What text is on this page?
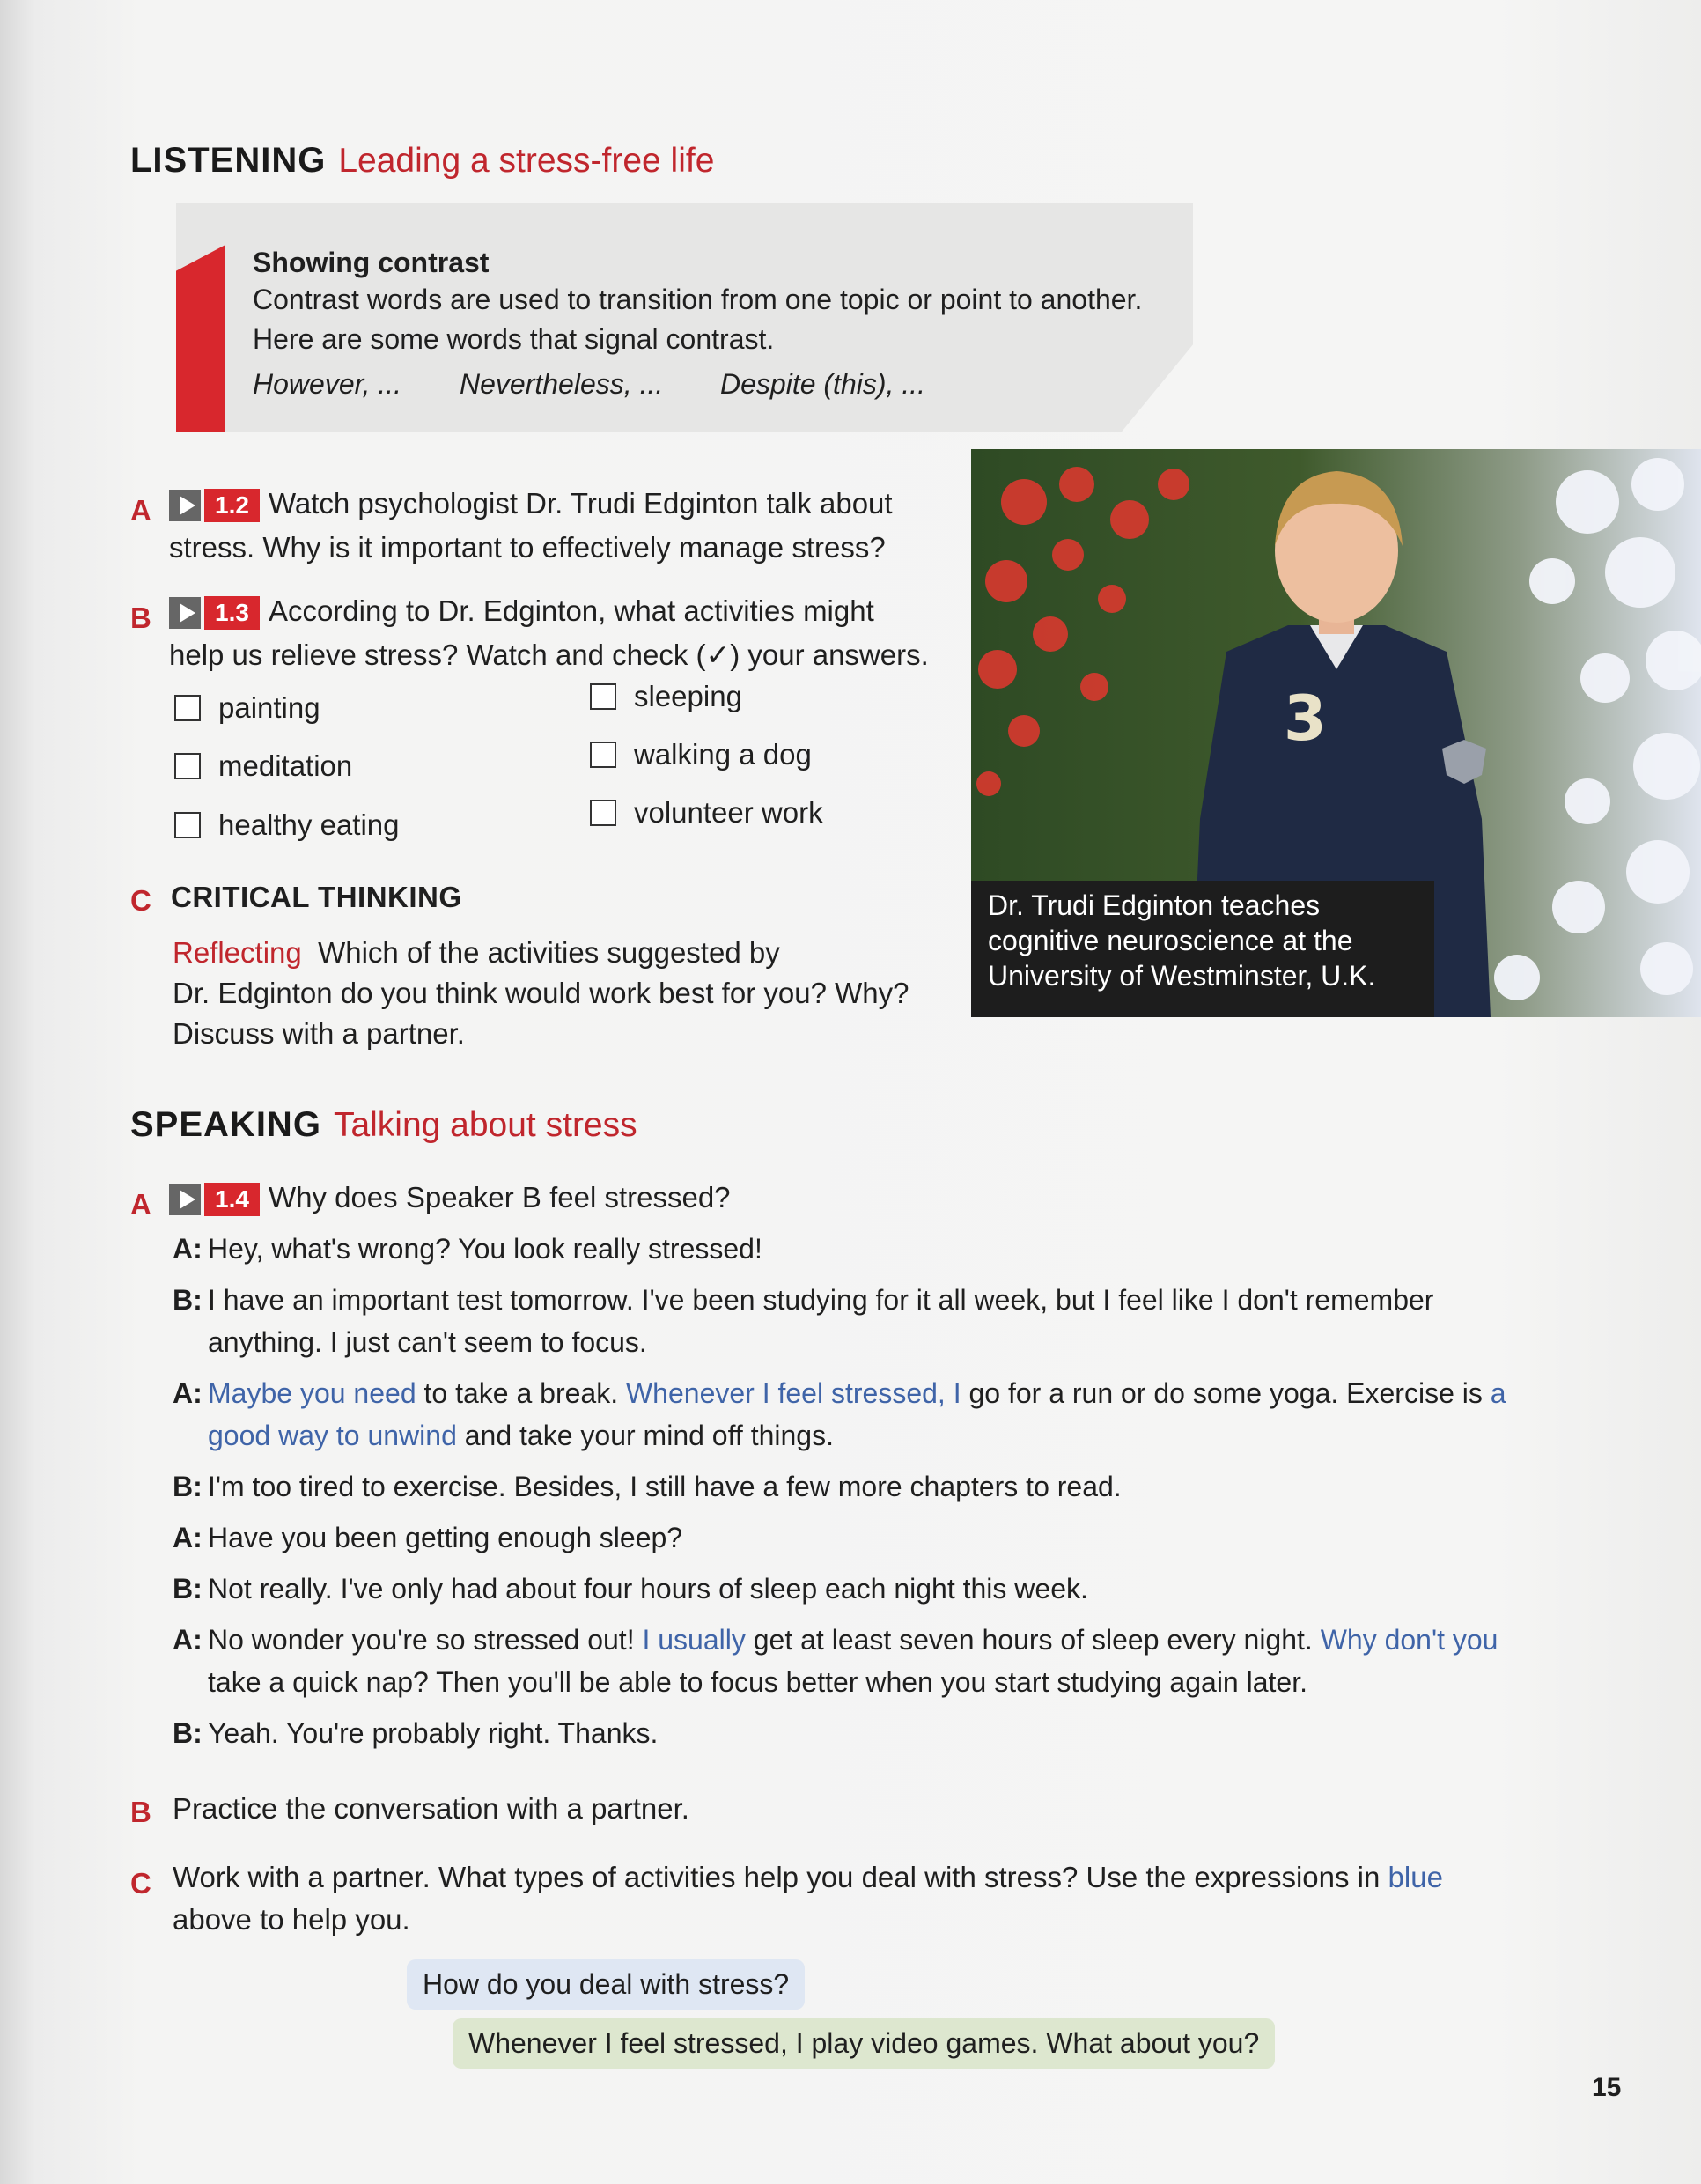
LISTENING Leading a stress-free life
Showing contrast
Contrast words are used to transition from one topic or point to another.
Here are some words that signal contrast.
However, ... Nevertheless, ... Despite (this), ...
A	1.2 Watch psychologist Dr. Trudi Edginton talk about
stress. Why is it important to effectively manage stress?
B	1.3 According to Dr. Edginton, what activities might
help us relieve stress? Watch and check (✓) your answers.
painting
meditation
healthy eating
sleeping
walking a dog
volunteer work
C CRITICAL THINKING
Reflecting Which of the activities suggested by
Dr. Edginton do you think would work best for you? Why?
Discuss with a partner.
3
Dr. Trudi Edginton teaches
cognitive neuroscience at the
University of Westminster, U.K.
SPEAKING Talking about stress
A	1.4 Why does Speaker B feel stressed?
A: Hey, what's wrong? You look really stressed!
B: I have an important test tomorrow. I've been studying for it all week, but I feel like I don't remember
anything. I just can't seem to focus.
A: Maybe you need to take a break. Whenever I feel stressed, I go for a run or do some yoga. Exercise is a
good way to unwind and take your mind off things.
B: I'm too tired to exercise. Besides, I still have a few more chapters to read.
A: Have you been getting enough sleep?
B: Not really. I've only had about four hours of sleep each night this week.
A: No wonder you're so stressed out! I usually get at least seven hours of sleep every night. Why don't you
take a quick nap? Then you'll be able to focus better when you start studying again later.
B: Yeah. You're probably right. Thanks.
B Practice the conversation with a partner.
C Work with a partner. What types of activities help you deal with stress? Use the expressions in blue
above to help you.
How do you deal with stress?
Whenever I feel stressed, I play video games. What about you?
15
